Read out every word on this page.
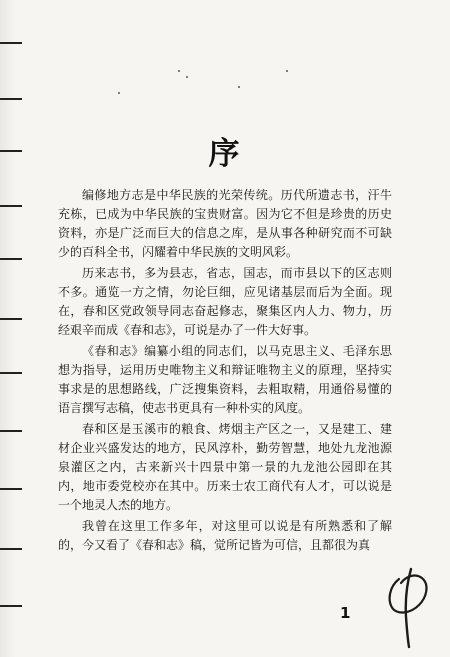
序

编修地方志是中华民族的光荣传统。历代所遗志书，汗牛充栋，已成为中华民族的宝贵财富。因为它不但是珍贵的历史资料，亦是广泛而巨大的信息之库，是从事各种研究而不可缺少的百科全书，闪耀着中华民族的文明风彩。

历来志书，多为县志，省志，国志，而市县以下的区志则不多。通览一方之情，勿论巨细，应见诸基层而后为全面。现在，春和区党政领导同志奋起修志，聚集区内人力、物力，历经艰辛而成《春和志》，可说是办了一件大好事。

《春和志》编纂小组的同志们，以马克思主义、毛泽东思想为指导，运用历史唯物主义和辩证唯物主义的原理，坚持实事求是的思想路线，广泛搜集资料，去粗取精，用通俗易懂的语言撰写志稿，使志书更具有一种朴实的风度。

春和区是玉溪市的粮食、烤烟主产区之一，又是建工、建材企业兴盛发达的地方，民风淳朴，勤劳智慧，地处九龙池源泉灌区之内，古来新兴十四景中第一景的九龙池公园即在其内，地市委党校亦在其中。历来士农工商代有人才，可以说是一个地灵人杰的地方。

我曾在这里工作多年，对这里可以说是有所熟悉和了解的，今又看了《春和志》稿，觉所记皆为可信，且都很为真

1
